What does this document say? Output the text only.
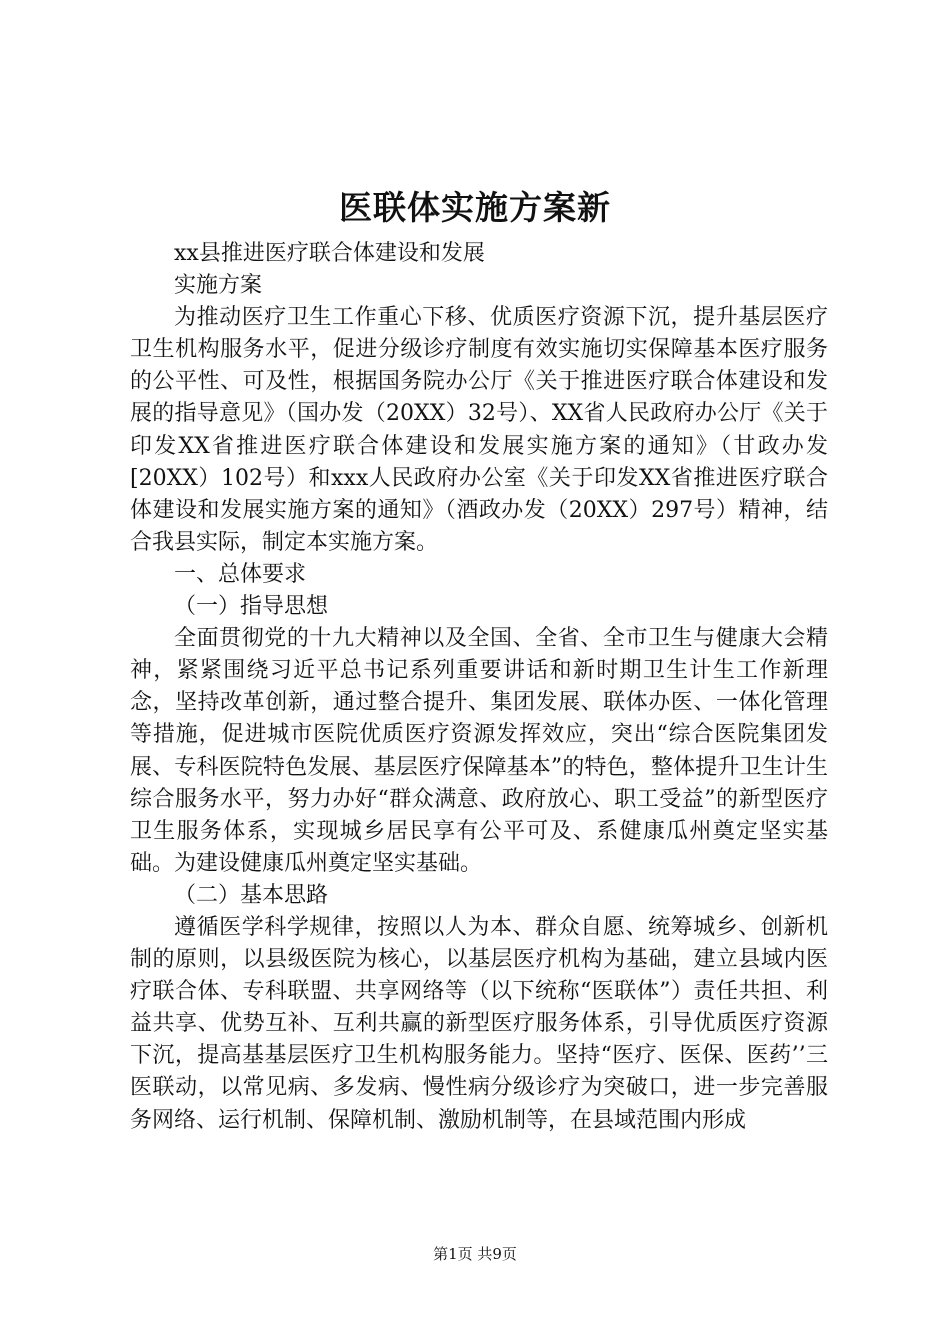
医联体实施方案新

xx县推进医疗联合体建设和发展

实施方案

为推动医疗卫生工作重心下移、优质医疗资源下沉，提升基层医疗卫生机构服务水平，促进分级诊疗制度有效实施切实保障基本医疗服务的公平性、可及性，根据国务院办公厅《关于推进医疗联合体建设和发展的指导意见》（国办发（20XX）32号）、XX省人民政府办公厅《关于印发XX省推进医疗联合体建设和发展实施方案的通知》（甘政办发[20XX）102号）和xxx人民政府办公室《关于印发XX省推进医疗联合体建设和发展实施方案的通知》（酒政办发（20XX）297号）精神，结合我县实际，制定本实施方案。

一、总体要求

（一）指导思想

全面贯彻党的十九大精神以及全国、全省、全市卫生与健康大会精神，紧紧围绕习近平总书记系列重要讲话和新时期卫生计生工作新理念，坚持改革创新，通过整合提升、集团发展、联体办医、一体化管理等措施，促进城市医院优质医疗资源发挥效应，突出“综合医院集团发展、专科医院特色发展、基层医疗保障基本”的特色，整体提升卫生计生综合服务水平，努力办好“群众满意、政府放心、职工受益”的新型医疗卫生服务体系，实现城乡居民享有公平可及、系健康瓜州奠定坚实基础。为建设健康瓜州奠定坚实基础。

（二）基本思路

遵循医学科学规律，按照以人为本、群众自愿、统筹城乡、创新机制的原则，以县级医院为核心，以基层医疗机构为基础，建立县域内医疗联合体、专科联盟、共享网络等（以下统称“医联体”）责任共担、利益共享、优势互补、互利共赢的新型医疗服务体系，引导优质医疗资源下沉，提高基基层医疗卫生机构服务能力。坚持“医疗、医保、医药’’三医联动，以常见病、多发病、慢性病分级诊疗为突破口，进一步完善服务网络、运行机制、保障机制、激励机制等，在县域范围内形成

第1页 共9页
